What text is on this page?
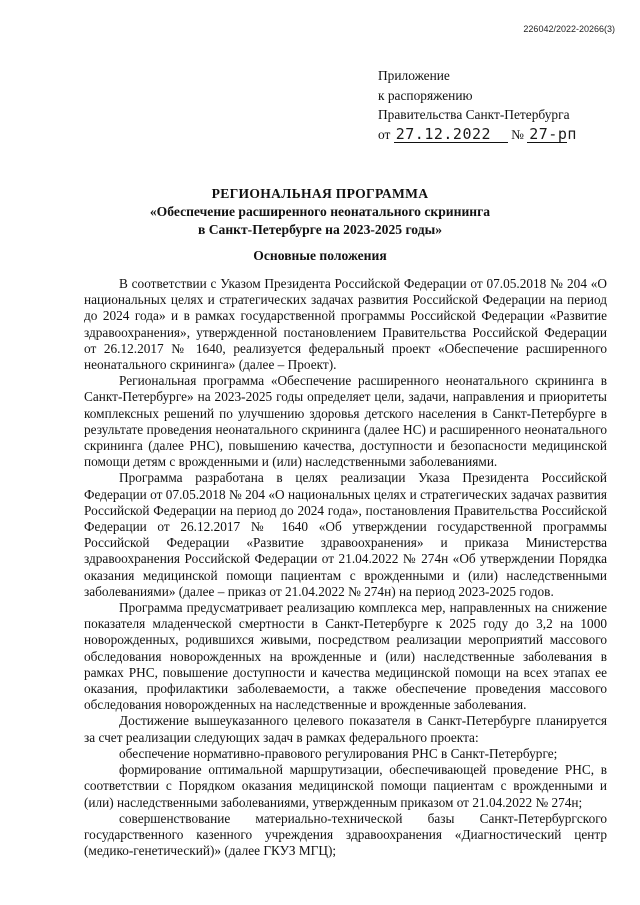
226042/2022-20266(3)
Приложение
к распоряжению
Правительства Санкт-Петербурга
от 27.12.2022 № 27-рп
РЕГИОНАЛЬНАЯ ПРОГРАММА
«Обеспечение расширенного неонатального скрининга
в Санкт-Петербурге на 2023-2025 годы»
Основные положения

В соответствии с Указом Президента Российской Федерации от 07.05.2018 № 204 «О национальных целях и стратегических задачах развития Российской Федерации на период до 2024 года» и в рамках государственной программы Российской Федерации «Развитие здравоохранения», утвержденной постановлением Правительства Российской Федерации от 26.12.2017 № 1640, реализуется федеральный проект «Обеспечение расширенного неонатального скрининга» (далее – Проект).

Региональная программа «Обеспечение расширенного неонатального скрининга в Санкт-Петербурге» на 2023-2025 годы определяет цели, задачи, направления и приоритеты комплексных решений по улучшению здоровья детского населения в Санкт-Петербурге в результате проведения неонатального скрининга (далее НС) и расширенного неонатального скрининга (далее РНС), повышению качества, доступности и безопасности медицинской помощи детям с врожденными и (или) наследственными заболеваниями.

Программа разработана в целях реализации Указа Президента Российской Федерации от 07.05.2018 № 204 «О национальных целях и стратегических задачах развития Российской Федерации на период до 2024 года», постановления Правительства Российской Федерации от 26.12.2017 № 1640 «Об утверждении государственной программы Российской Федерации «Развитие здравоохранения» и приказа Министерства здравоохранения Российской Федерации от 21.04.2022 № 274н «Об утверждении Порядка оказания медицинской помощи пациентам с врожденными и (или) наследственными заболеваниями» (далее – приказ от 21.04.2022 № 274н) на период 2023-2025 годов.

Программа предусматривает реализацию комплекса мер, направленных на снижение показателя младенческой смертности в Санкт-Петербурге к 2025 году до 3,2 на 1000 новорожденных, родившихся живыми, посредством реализации мероприятий массового обследования новорожденных на врожденные и (или) наследственные заболевания в рамках РНС, повышение доступности и качества медицинской помощи на всех этапах ее оказания, профилактики заболеваемости, а также обеспечение проведения массового обследования новорожденных на наследственные и врожденные заболевания.

Достижение вышеуказанного целевого показателя в Санкт-Петербурге планируется за счет реализации следующих задач в рамках федерального проекта:

обеспечение нормативно-правового регулирования РНС в Санкт-Петербурге;

формирование оптимальной маршрутизации, обеспечивающей проведение РНС, в соответствии с Порядком оказания медицинской помощи пациентам с врожденными и (или) наследственными заболеваниями, утвержденным приказом от 21.04.2022 № 274н;

совершенствование материально-технической базы Санкт-Петербургского государственного казенного учреждения здравоохранения «Диагностический центр (медико-генетический)» (далее ГКУЗ МГЦ);
